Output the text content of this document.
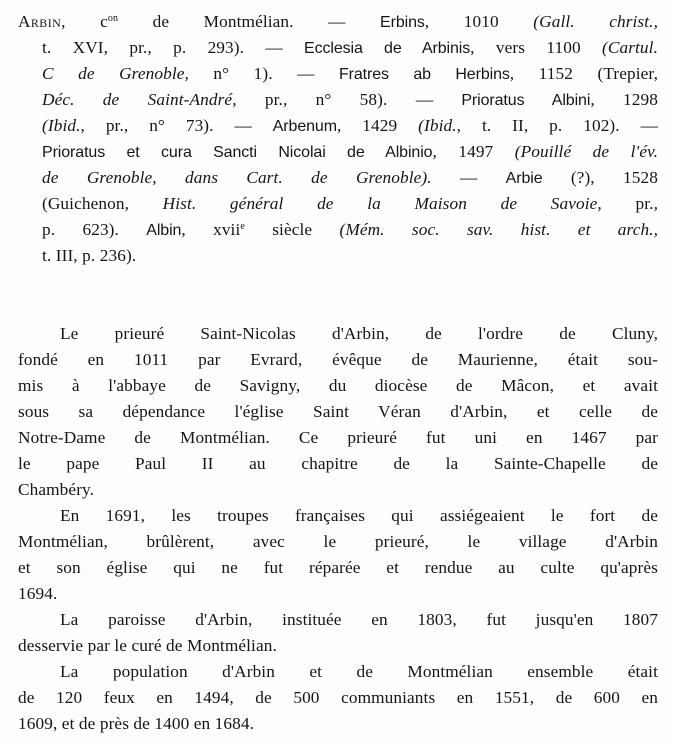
Arbin, $c^{on}$ de Montmélian. — Erbins, 1010 (Gall. christ.,
t. XVI, pr., p. 293). — Ecclesia de Arbinis, vers 1100 (Cartul.
C de Grenoble, n° 1). — Fratres ab Herbins, 1152 (Trepier,
Déc. de Saint-André, pr., n° 58). — Prioratus Albini, 1298
(Ibid., pr., n° 73). — Arbenum, 1429 (Ibid., t. II, p. 102). —
Prioratus et cura Sancti Nicolai de Albinio, 1497 (Pouillé de l'év.
de Grenoble, dans Cart. de Grenoble). — Arbie (?), 1528
(Guichenon, Hist. général de la Maison de Savoie, pr.,
p. 623). Albin, xvii$^e$ siècle (Mém. soc. sav. hist. et arch.,
t. III, p. 236).
Le prieuré Saint-Nicolas d'Arbin, de l'ordre de Cluny,
fondé en 1011 par Evrard, évêque de Maurienne, était sou-
mis à l'abbaye de Savigny, du diocèse de Mâcon, et avait
sous sa dépendance l'église Saint Véran d'Arbin, et celle de
Notre-Dame de Montmélian. Ce prieuré fut uni en 1467 par
le pape Paul II au chapitre de la Sainte-Chapelle de
Chambéry.
En 1691, les troupes françaises qui assiégeaient le fort de
Montmélian, brûlèrent, avec le prieuré, le village d'Arbin
et son église qui ne fut réparée et rendue au culte qu'après
1694.
La paroisse d'Arbin, instituée en 1803, fut jusqu'en 1807
desservie par le curé de Montmélian.
La population d'Arbin et de Montmélian ensemble était
de 120 feux en 1494, de 500 communiants en 1551, de 600 en
1609, et de près de 1400 en 1684.
